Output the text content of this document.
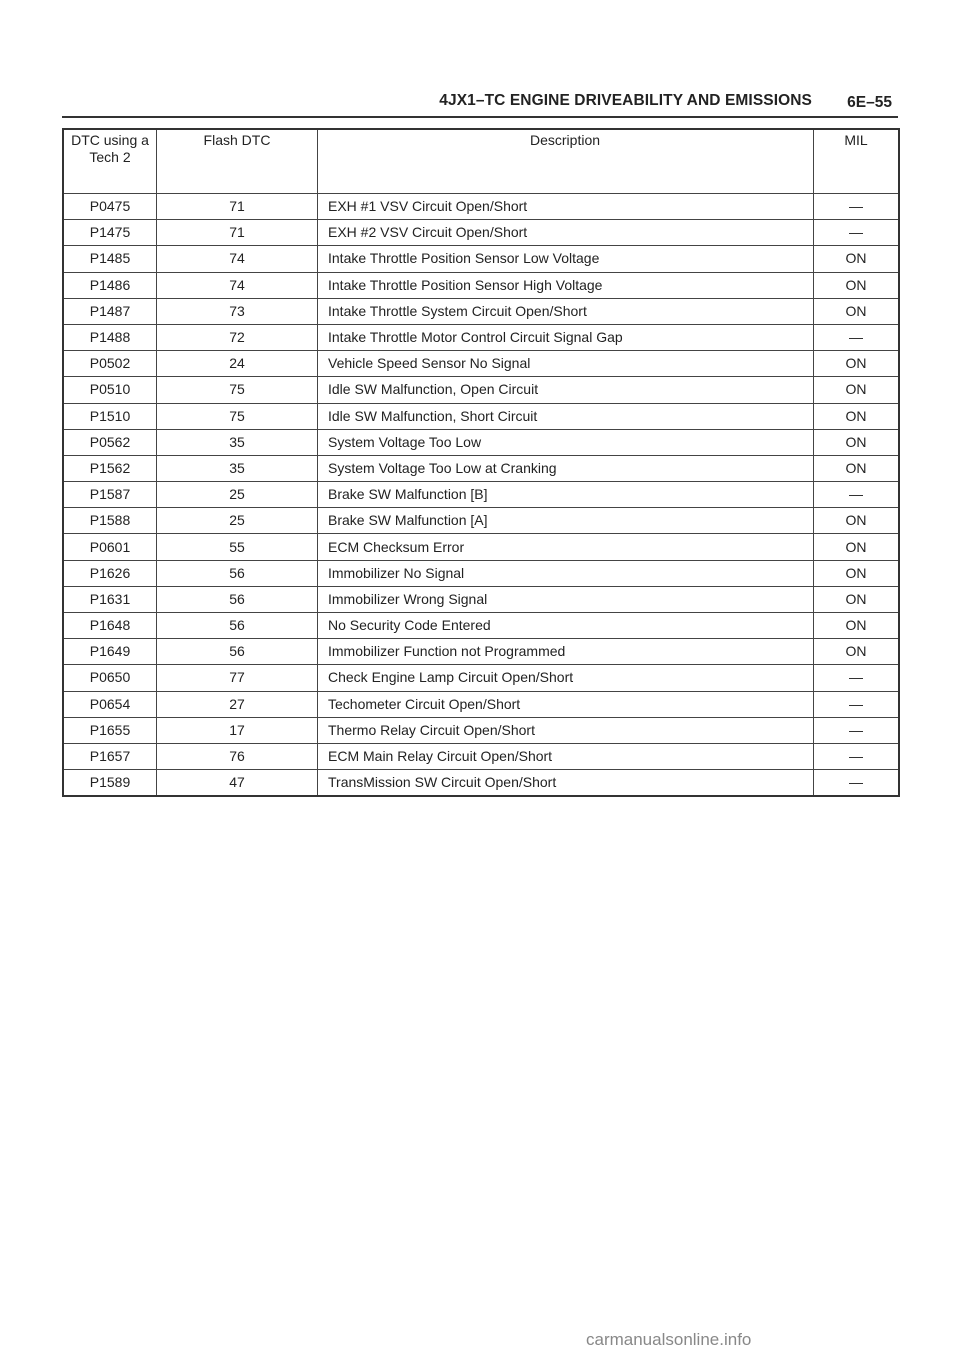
4JX1–TC ENGINE DRIVEABILITY AND EMISSIONS 6E–55
DTC using a Tech 2	Flash DTC	Description	MIL
P0475	71	EXH #1 VSV Circuit Open/Short	—
P1475	71	EXH #2 VSV Circuit Open/Short	—
P1485	74	Intake Throttle Position Sensor Low Voltage	ON
P1486	74	Intake Throttle Position Sensor High Voltage	ON
P1487	73	Intake Throttle System Circuit Open/Short	ON
P1488	72	Intake Throttle Motor Control Circuit Signal Gap	—
P0502	24	Vehicle Speed Sensor No Signal	ON
P0510	75	Idle SW Malfunction, Open Circuit	ON
P1510	75	Idle SW Malfunction, Short Circuit	ON
P0562	35	System Voltage Too Low	ON
P1562	35	System Voltage Too Low at Cranking	ON
P1587	25	Brake SW Malfunction [B]	—
P1588	25	Brake SW Malfunction [A]	ON
P0601	55	ECM Checksum Error	ON
P1626	56	Immobilizer No Signal	ON
P1631	56	Immobilizer Wrong Signal	ON
P1648	56	No Security Code Entered	ON
P1649	56	Immobilizer Function not Programmed	ON
P0650	77	Check Engine Lamp Circuit Open/Short	—
P0654	27	Techometer Circuit Open/Short	—
P1655	17	Thermo Relay Circuit Open/Short	—
P1657	76	ECM Main Relay Circuit Open/Short	—
P1589	47	TransMission SW Circuit Open/Short	—
carmanualsonline.info
